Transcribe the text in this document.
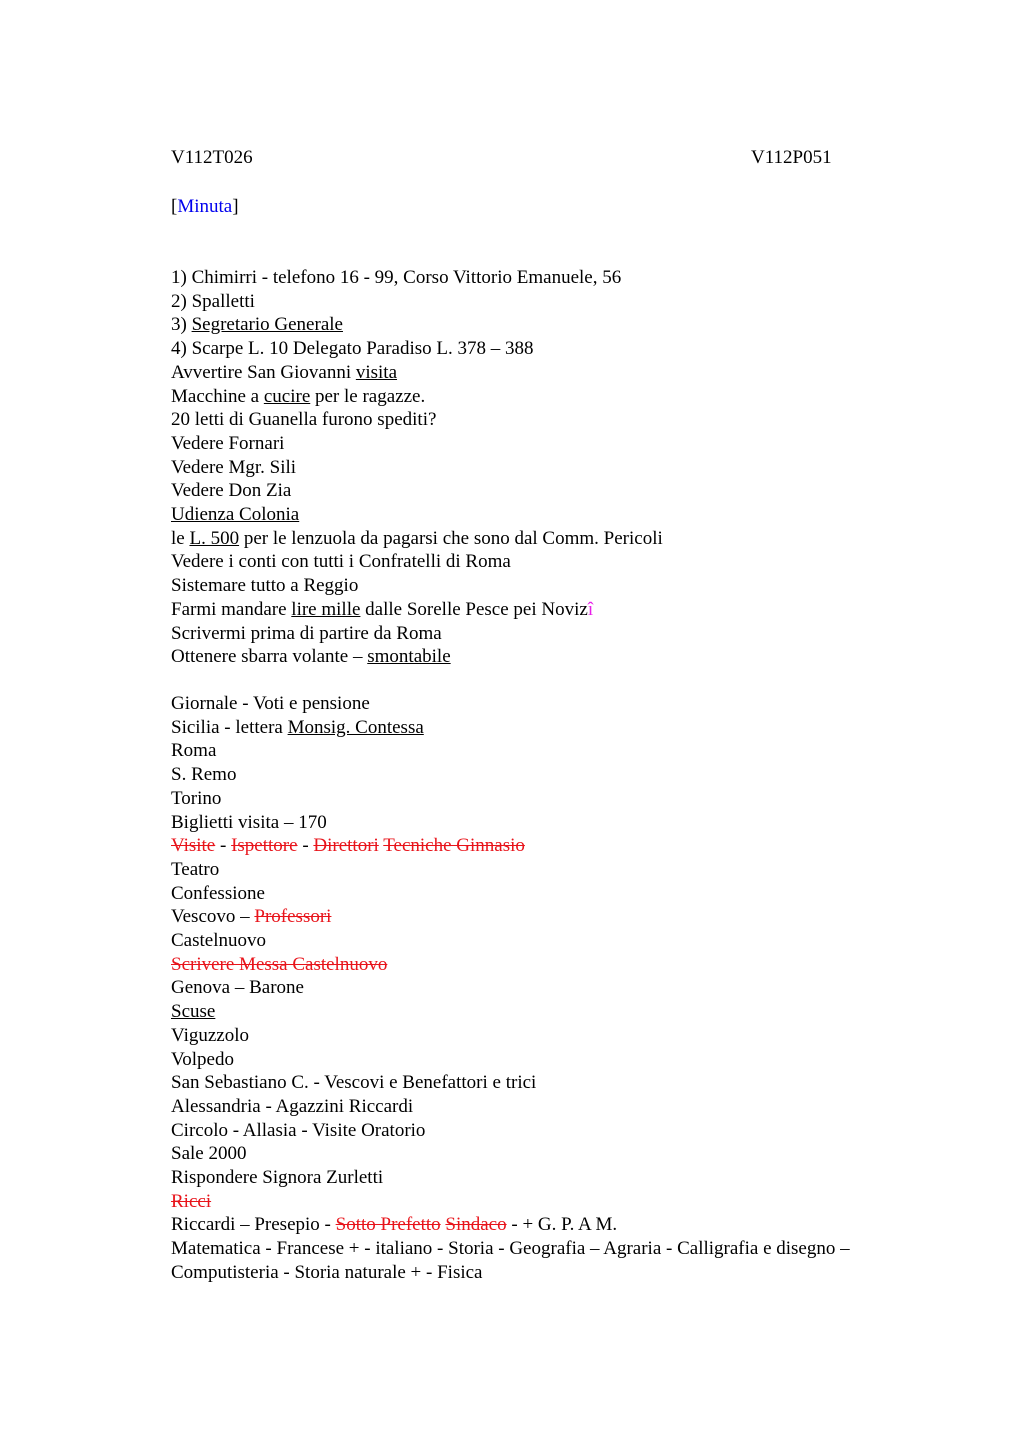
V112T026	V112P051
[Minuta]
1) Chimirri - telefono 16 - 99, Corso Vittorio Emanuele, 56
2) Spalletti
3) Segretario Generale
4) Scarpe L. 10 Delegato Paradiso L. 378 – 388
Avvertire San Giovanni visita
Macchine a cucire per le ragazze.
20 letti di Guanella furono spediti?
Vedere Fornari
Vedere Mgr. Sili
Vedere Don Zia
Udienza Colonia
le L. 500 per le lenzuola da pagarsi che sono dal Comm. Pericoli
Vedere i conti con tutti i Confratelli di Roma
Sistemare tutto a Reggio
Farmi mandare lire mille dalle Sorelle Pesce pei Novizî
Scrivermi prima di partire da Roma
Ottenere sbarra volante – smontabile
Giornale - Voti e pensione
Sicilia - lettera Monsig. Contessa
Roma
S. Remo
Torino
Biglietti visita – 170
Visite - Ispettore - Direttori Tecniche Ginnasio
Teatro
Confessione
Vescovo – Professori
Castelnuovo
Scrivere Messa Castelnuovo
Genova – Barone
Scuse
Viguzzolo
Volpedo
San Sebastiano C. - Vescovi e Benefattori e trici
Alessandria - Agazzini Riccardi
Circolo - Allasia - Visite Oratorio
Sale 2000
Rispondere Signora Zurletti
Ricci
Riccardi – Presepio - Sotto Prefetto Sindaco - + G. P. A M.
Matematica - Francese + - italiano - Storia - Geografia – Agraria - Calligrafia e disegno –
Computisteria - Storia naturale + - Fisica
